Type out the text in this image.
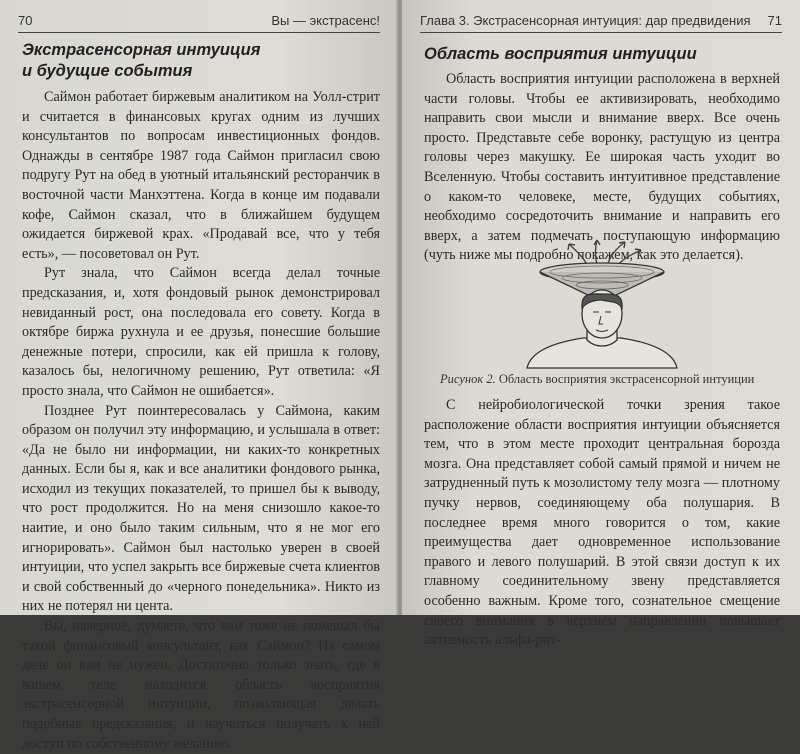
70	Вы — экстрасенс!
Экстрасенсорная интуиция
и будущие события

Саймон работает биржевым аналитиком на Уолл-стрит и считается в финансовых кругах одним из лучших консультантов по вопросам инвестиционных фондов. Однажды в сентябре 1987 года Саймон пригласил свою подругу Рут на обед в уютный итальянский ресторанчик в восточной части Манхэттена. Когда в конце им подавали кофе, Саймон сказал, что в ближайшем будущем ожидается биржевой крах. «Продавай все, что у тебя есть», — посоветовал он Рут.

Рут знала, что Саймон всегда делал точные предсказания, и, хотя фондовый рынок демонстрировал невиданный рост, она последовала его совету. Когда в октябре биржа рухнула и ее друзья, понесшие большие денежные потери, спросили, как ей пришла к голову, казалось бы, нелогичному решению, Рут ответила: «Я просто знала, что Саймон не ошибается».

Позднее Рут поинтересовалась у Саймона, каким образом он получил эту информацию, и услышала в ответ: «Да не было ни информации, ни каких-то конкретных данных. Если бы я, как и все аналитики фондового рынка, исходил из текущих показателей, то пришел бы к выводу, что рост продолжится. Но на меня снизошло какое-то наитие, и оно было таким сильным, что я не мог его игнорировать». Саймон был настолько уверен в своей интуиции, что успел закрыть все биржевые счета клиентов и свой собственный до «черного понедельника». Никто из них не потерял ни цента.

Вы, наверное, думаете, что вам тоже не помешал бы такой финансовый консультант, как Саймон? На самом деле он вам не нужен. Достаточно только знать, где в вашем теле находится область восприятия экстрасенсорной интуиции, позволяющая делать подобные предсказания, и научиться получать к ней доступ по собственному желанию.

Глава 3. Экстрасенсорная интуиция: дар предвидения 71
Область восприятия интуиции

Область восприятия интуиции расположена в верхней части головы. Чтобы ее активизировать, необходимо направить свои мысли и внимание вверх. Все очень просто. Представьте себе воронку, растущую из центра головы через макушку. Ее широкая часть уходит во Вселенную. Чтобы составить интуитивное представление о каком-то человеке, месте, будущих событиях, необходимо сосредоточить внимание и направить его вверх, а затем подмечать поступающую информацию (чуть ниже мы подробно покажем, как это делается).

Рисунок 2. Область восприятия экстрасенсорной интуиции

С нейробиологической точки зрения такое расположение области восприятия интуиции объясняется тем, что в этом месте проходит центральная борозда мозга. Она представляет собой самый прямой и ничем не затрудненный путь к мозолистому телу мозга — плотному пучку нервов, соединяющему оба полушария. В последнее время много говорится о том, какие преимущества дает одновременное использование правого и левого полушарий. В этой связи доступ к их главному соединительному звену представляется особенно важным. Кроме того, сознательное смещение своего внимания в верхнем направлении повышает активность альфа-рит-
